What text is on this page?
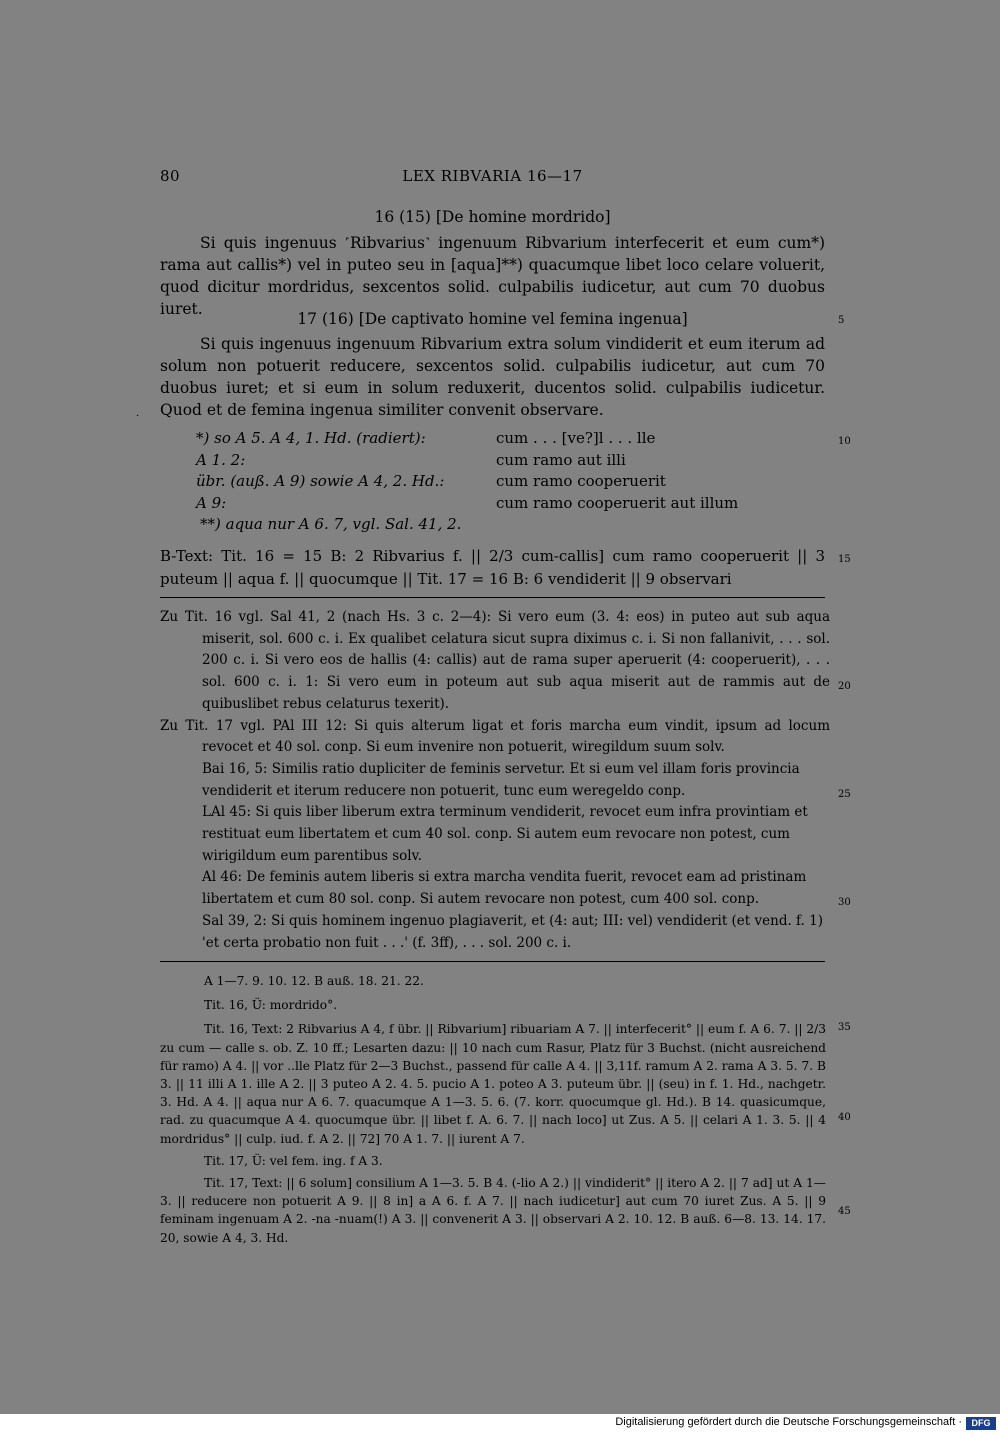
80	LEX RIBVARIA 16—17
16 (15) [De homine mordrido]

Si quis ingenuus ˹Ribvarius˺ ingenuum Ribvarium interfecerit et eum cum*) rama aut callis*) vel in puteo seu in [aqua]**) quacumque libet loco celare voluerit, quod dicitur mordridus, sexcentos solid. culpabilis iudicetur, aut cum 70 duobus iuret.

17 (16) [De captivato homine vel femina ingenua]

Si quis ingenuus ingenuum Ribvarium extra solum vindiderit et eum iterum ad solum non potuerit reducere, sexcentos solid. culpabilis iudicetur, aut cum 70 duobus iuret; et si eum in solum reduxerit, ducentos solid. culpabilis iudicetur. Quod et de femina ingenua similiter convenit observare.

·
*) so A 5. A 4, 1. Hd. (radiert):	cum . . . [ve?]l . . . lle
A 1. 2:	cum ramo aut illi
übr. (auß. A 9) sowie A 4, 2. Hd.:	cum ramo cooperuerit
A 9:	cum ramo cooperuerit aut illum
**) aqua nur A 6. 7, vgl. Sal. 41, 2.
B-Text: Tit. 16 = 15 B: 2 Ribvarius f. || 2/3 cum-callis] cum ramo cooperuerit || 3 puteum || aqua f. || quocumque || Tit. 17 = 16 B: 6 vendiderit || 9 observari
Zu Tit. 16 vgl. Sal 41, 2 (nach Hs. 3 c. 2—4): Si vero eum (3. 4: eos) in puteo aut sub aqua miserit, sol. 600 c. i. Ex qualibet celatura sicut supra diximus c. i. Si non fallanivit, . . . sol. 200 c. i. Si vero eos de hallis (4: callis) aut de rama super aperuerit (4: cooperuerit), . . . sol. 600 c. i. 1: Si vero eum in poteum aut sub aqua miserit aut de rammis aut de quibuslibet rebus celaturus texerit).
Zu Tit. 17 vgl. PAl III 12: Si quis alterum ligat et foris marcha eum vindit, ipsum ad locum revocet et 40 sol. conp. Si eum invenire non potuerit, wiregildum suum solv.
Bai 16, 5: Similis ratio dupliciter de feminis servetur. Et si eum vel illam foris provincia vendiderit et iterum reducere non potuerit, tunc eum weregeldo conp.
LAl 45: Si quis liber liberum extra terminum vendiderit, revocet eum infra provintiam et restituat eum libertatem et cum 40 sol. conp. Si autem eum revocare non potest, cum wirigildum eum parentibus solv.
Al 46: De feminis autem liberis si extra marcha vendita fuerit, revocet eam ad pristinam libertatem et cum 80 sol. conp. Si autem revocare non potest, cum 400 sol. conp.
Sal 39, 2: Si quis hominem ingenuo plagiaverit, et (4: aut; III: vel) vendiderit (et vend. f. 1) 'et certa probatio non fuit . . .' (f. 3ff), . . . sol. 200 c. i.

A 1—7. 9. 10. 12. B auß. 18. 21. 22.

Tit. 16, Ü: mordrido°.

Tit. 16, Text: 2 Ribvarius A 4, f übr. || Ribvarium] ribuariam A 7. || interfecerit° || eum f. A 6. 7. || 2/3 zu cum — calle s. ob. Z. 10 ff.; Lesarten dazu: || 10 nach cum Rasur, Platz für 3 Buchst. (nicht ausreichend für ramo) A 4. || vor ..lle Platz für 2—3 Buchst., passend für calle A 4. || 3,11f. ramum A 2. rama A 3. 5. 7. B 3. || 11 illi A 1. ille A 2. || 3 puteo A 2. 4. 5. pucio A 1. poteo A 3. puteum übr. || (seu) in f. 1. Hd., nachgetr. 3. Hd. A 4. || aqua nur A 6. 7. quacumque A 1—3. 5. 6. (7. korr. quocumque gl. Hd.). B 14. quasicumque, rad. zu quacumque A 4. quocumque übr. || libet f. A. 6. 7. || nach loco] ut Zus. A 5. || celari A 1. 3. 5. || 4 mordridus° || culp. iud. f. A 2. || 72] 70 A 1. 7. || iurent A 7.

Tit. 17, Ü: vel fem. ing. f A 3.

Tit. 17, Text: || 6 solum] consilium A 1—3. 5. B 4. (-lio A 2.) || vindiderit° || itero A 2. || 7 ad] ut A 1—3. || reducere non potuerit A 9. || 8 in] a A 6. f. A 7. || nach iudicetur] aut cum 70 iuret Zus. A 5. || 9 feminam ingenuam A 2. -na -nuam(!) A 3. || convenerit A 3. || observari A 2. 10. 12. B auß. 6—8. 13. 14. 17. 20, sowie A 4, 3. Hd.

5
10
15
20
25
30
35
40
45
Digitalisierung gefördert durch die Deutsche Forschungsgemeinschaft ·	DFG
